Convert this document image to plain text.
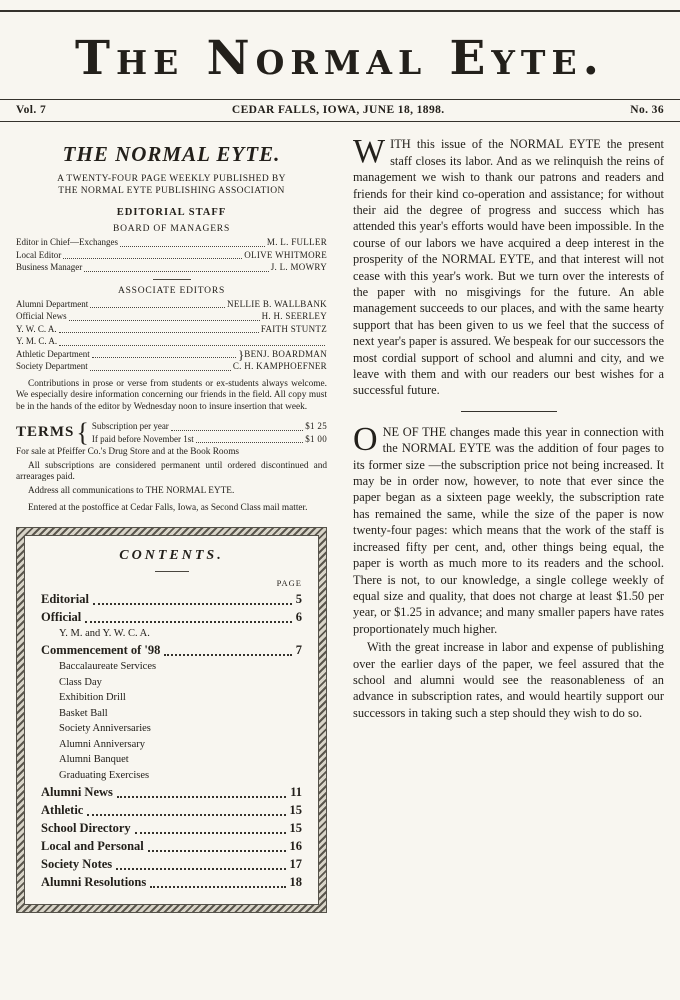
The Normal Eyte.
Vol. 7	CEDAR FALLS, IOWA, JUNE 18, 1898.	No. 36
THE NORMAL EYTE.
A TWENTY-FOUR PAGE WEEKLY PUBLISHED BY
THE NORMAL EYTE PUBLISHING ASSOCIATION
EDITORIAL STAFF
BOARD OF MANAGERS
Editor in Chief—Exchanges	M. L. FULLER
Local Editor	OLIVE WHITMORE
Business Manager	J. L. MOWRY
ASSOCIATE EDITORS
Alumni Department	NELLIE B. WALLBANK
Official News	H. H. SEERLEY
Y. W. C. A.	FAITH STUNTZ
Y. M. C. A.
Athletic Department	} BENJ. BOARDMAN
Society Department	C. H. KAMPHOEFNER

Contributions in prose or verse from students or ex-students always welcome. We especially desire information concerning our friends in the field. All copy must be in the hands of the editor by Wednesday noon to insure insertion that week.

TERMS { Subscription per year	$1 25
If paid before November 1st	$1 00

For sale at Pfeiffer Co.'s Drug Store and at the Book Rooms

All subscriptions are considered permanent until ordered discontinued and arrearages paid.

Address all communications to THE NORMAL EYTE.

Entered at the postoffice at Cedar Falls, Iowa, as Second Class mail matter.

CONTENTS.
PAGE
Editorial	5
Official	6
Y. M. and Y. W. C. A.
Commencement of '98	7
Baccalaureate Services
Class Day
Exhibition Drill
Basket Ball
Society Anniversaries
Alumni Anniversary
Alumni Banquet
Graduating Exercises
Alumni News	11
Athletic	15
School Directory	15
Local and Personal	16
Society Notes	17
Alumni Resolutions	18

WITH this issue of the NORMAL EYTE the present staff closes its labor. And as we relinquish the reins of management we wish to thank our patrons and readers and friends for their kind co-operation and assistance; for without their aid the degree of progress and success which has attended this year's efforts would have been impossible. In the course of our labors we have acquired a deep interest in the prosperity of the NORMAL EYTE, and that interest will not cease with this year's work. But we turn over the interests of the paper with no misgivings for the future. An able management succeeds to our places, and with the same hearty support that has been given to us we feel that the success of next year's paper is assured. We bespeak for our successors the most cordial support of school and alumni and city, and we leave with them and with our readers our best wishes for a successful future.

ONE OF THE changes made this year in connection with the NORMAL EYTE was the addition of four pages to its former size —the subscription price not being increased. It may be in order now, however, to note that ever since the paper began as a sixteen page weekly, the subscription rate has remained the same, while the size of the paper is now twenty-four pages: which means that the work of the staff is increased fifty per cent, and, other things being equal, the paper is worth as much more to its readers and the school. There is not, to our knowledge, a single college weekly of equal size and quality, that does not charge at least $1.50 per year, or $1.25 in advance; and many smaller papers have rates proportionately much higher.

With the great increase in labor and expense of publishing over the earlier days of the paper, we feel assured that the school and alumni would see the reasonableness of an advance in subscription rates, and would heartily support our successors in taking such a step should they wish to do so.
